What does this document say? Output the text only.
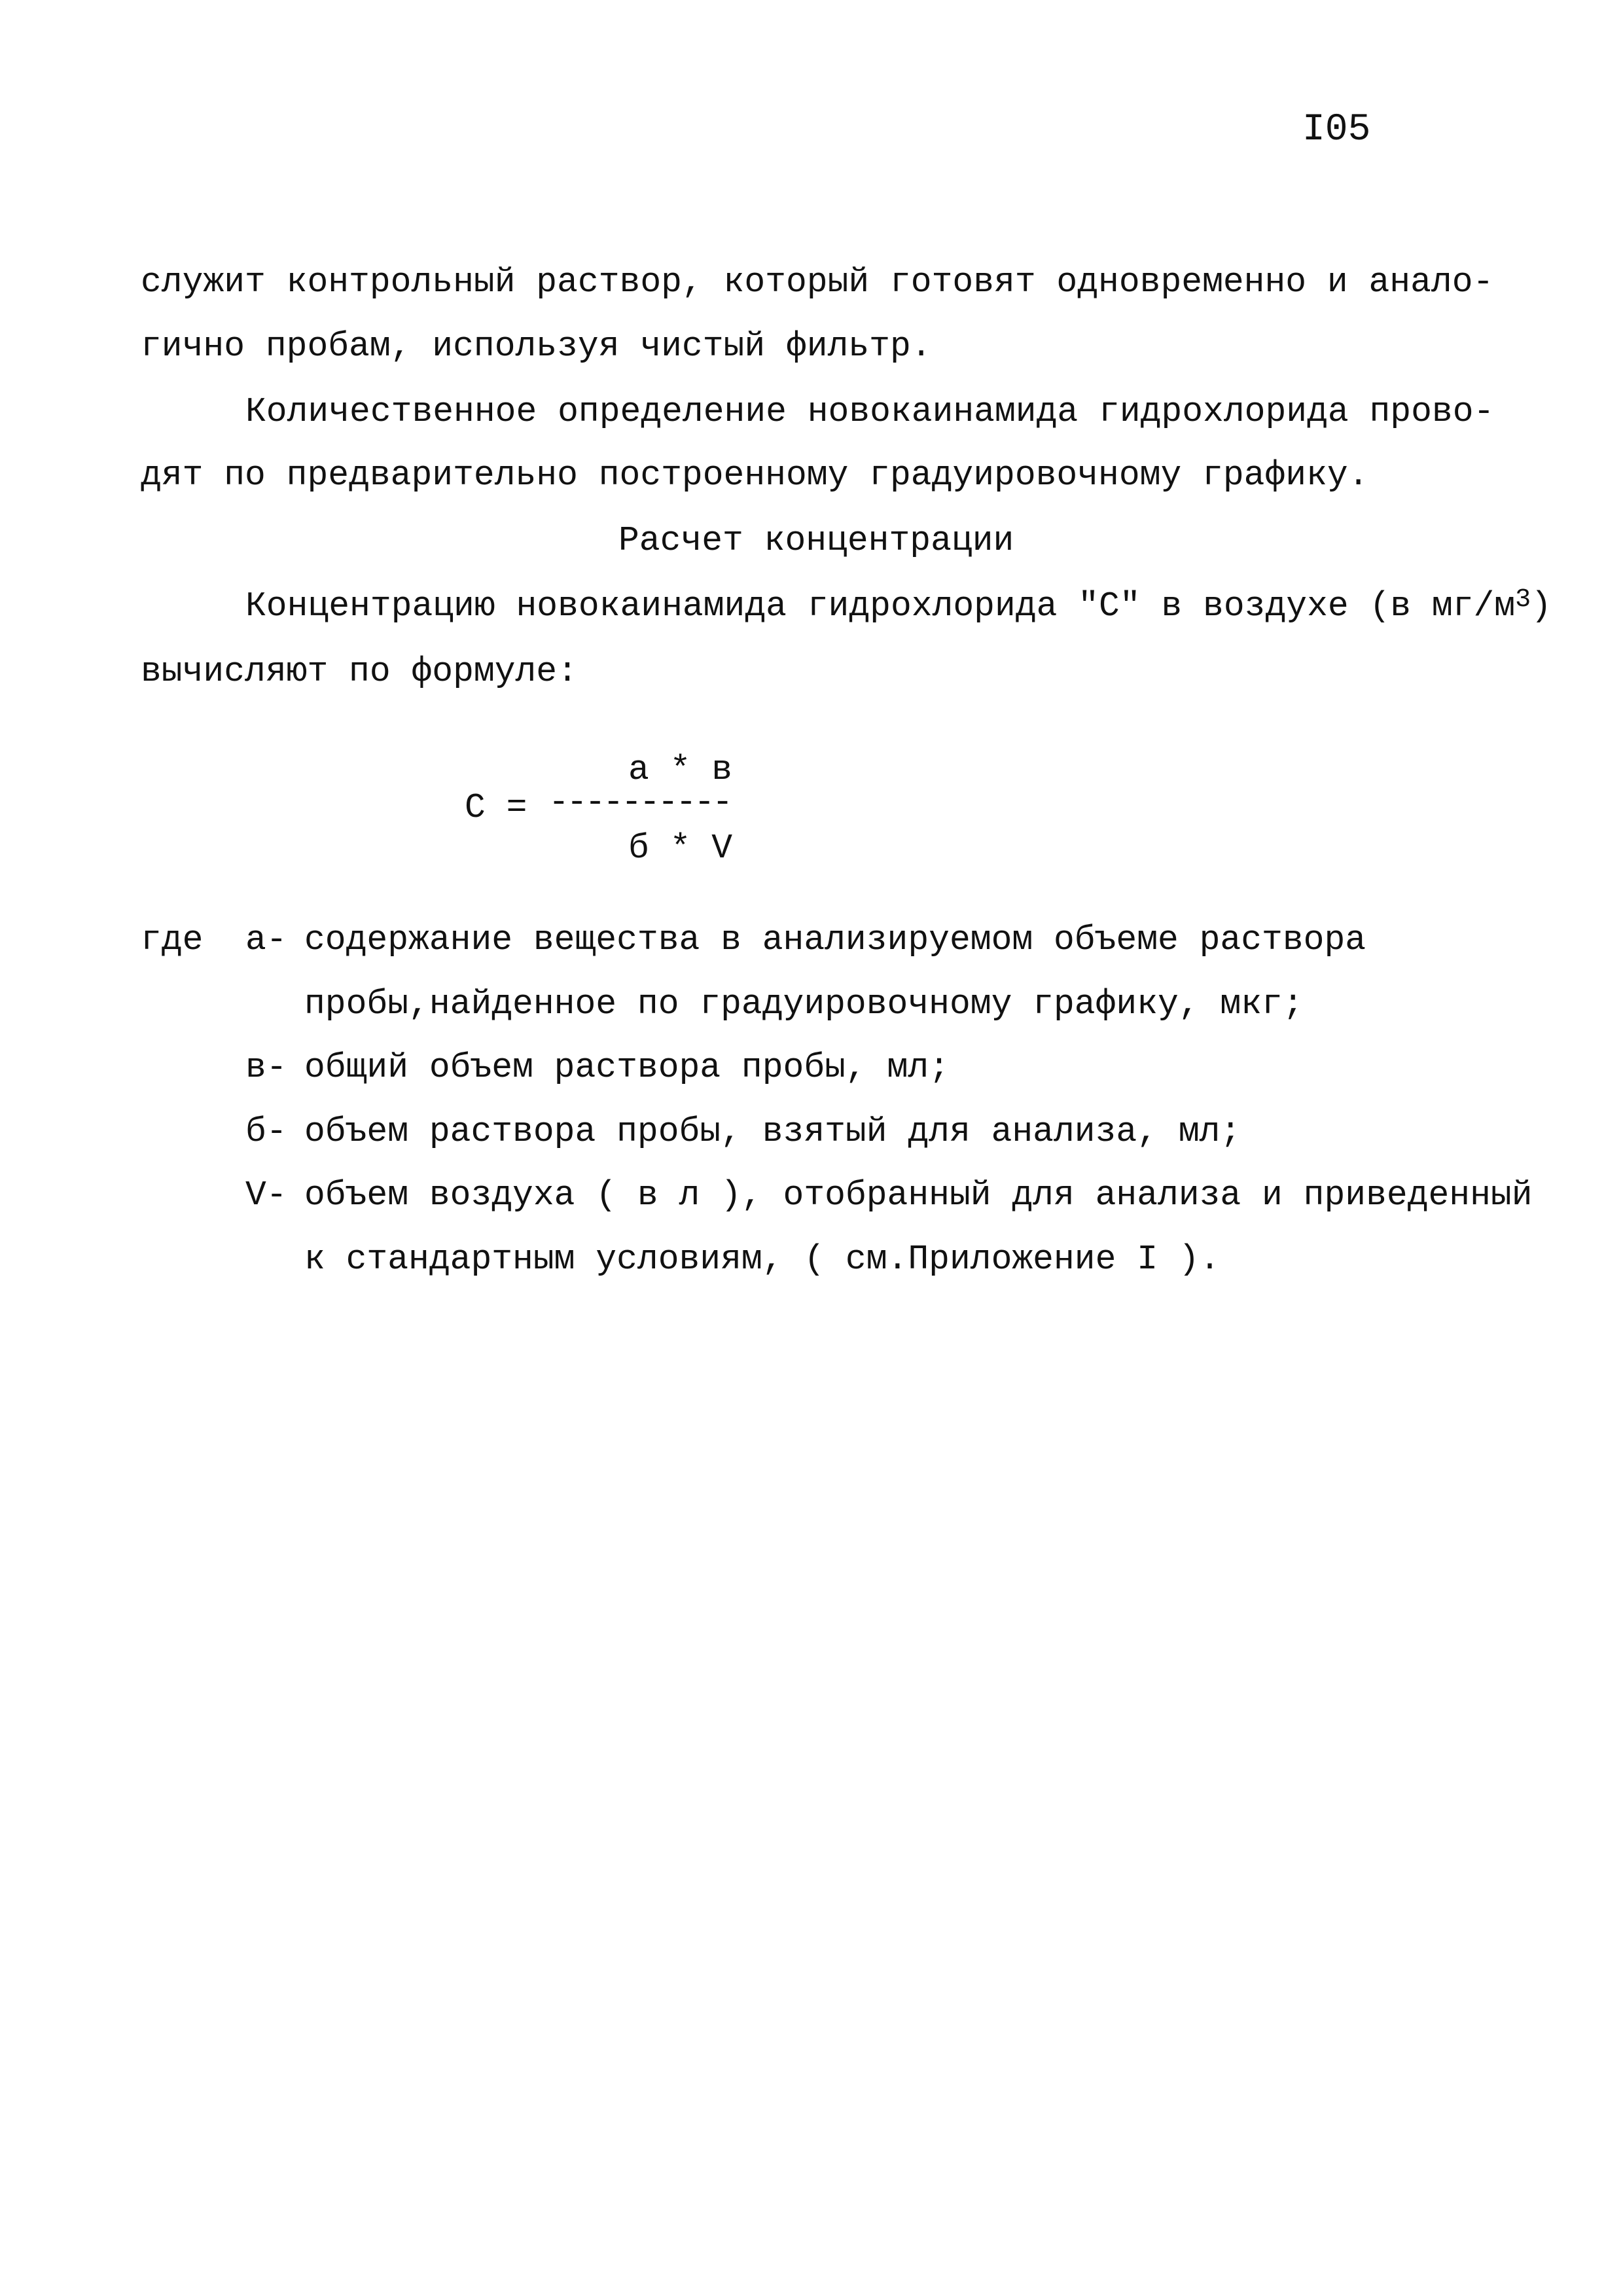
I05
служит контрольный раствор, который готовят одновременно и анало-
гично пробам, используя чистый фильтр.
Количественное определение новокаинамида гидрохлорида прово-
дят по предварительно построенному градуировочному графику.
Расчет концентрации
Концентрацию новокаинамида гидрохлорида "С" в воздухе (в $мг/м^3$)
вычисляют по формуле:
а * в
С = ----------
б * V
где а- содержание вещества в анализируемом объеме раствора
пробы,найденное по градуировочному графику, мкг;
в- общий объем раствора пробы, мл;
б- объем раствора пробы, взятый для анализа, мл;
V- объем воздуха ( в л ), отобранный для анализа и приведенный
к стандартным условиям, ( см.Приложение I ).
